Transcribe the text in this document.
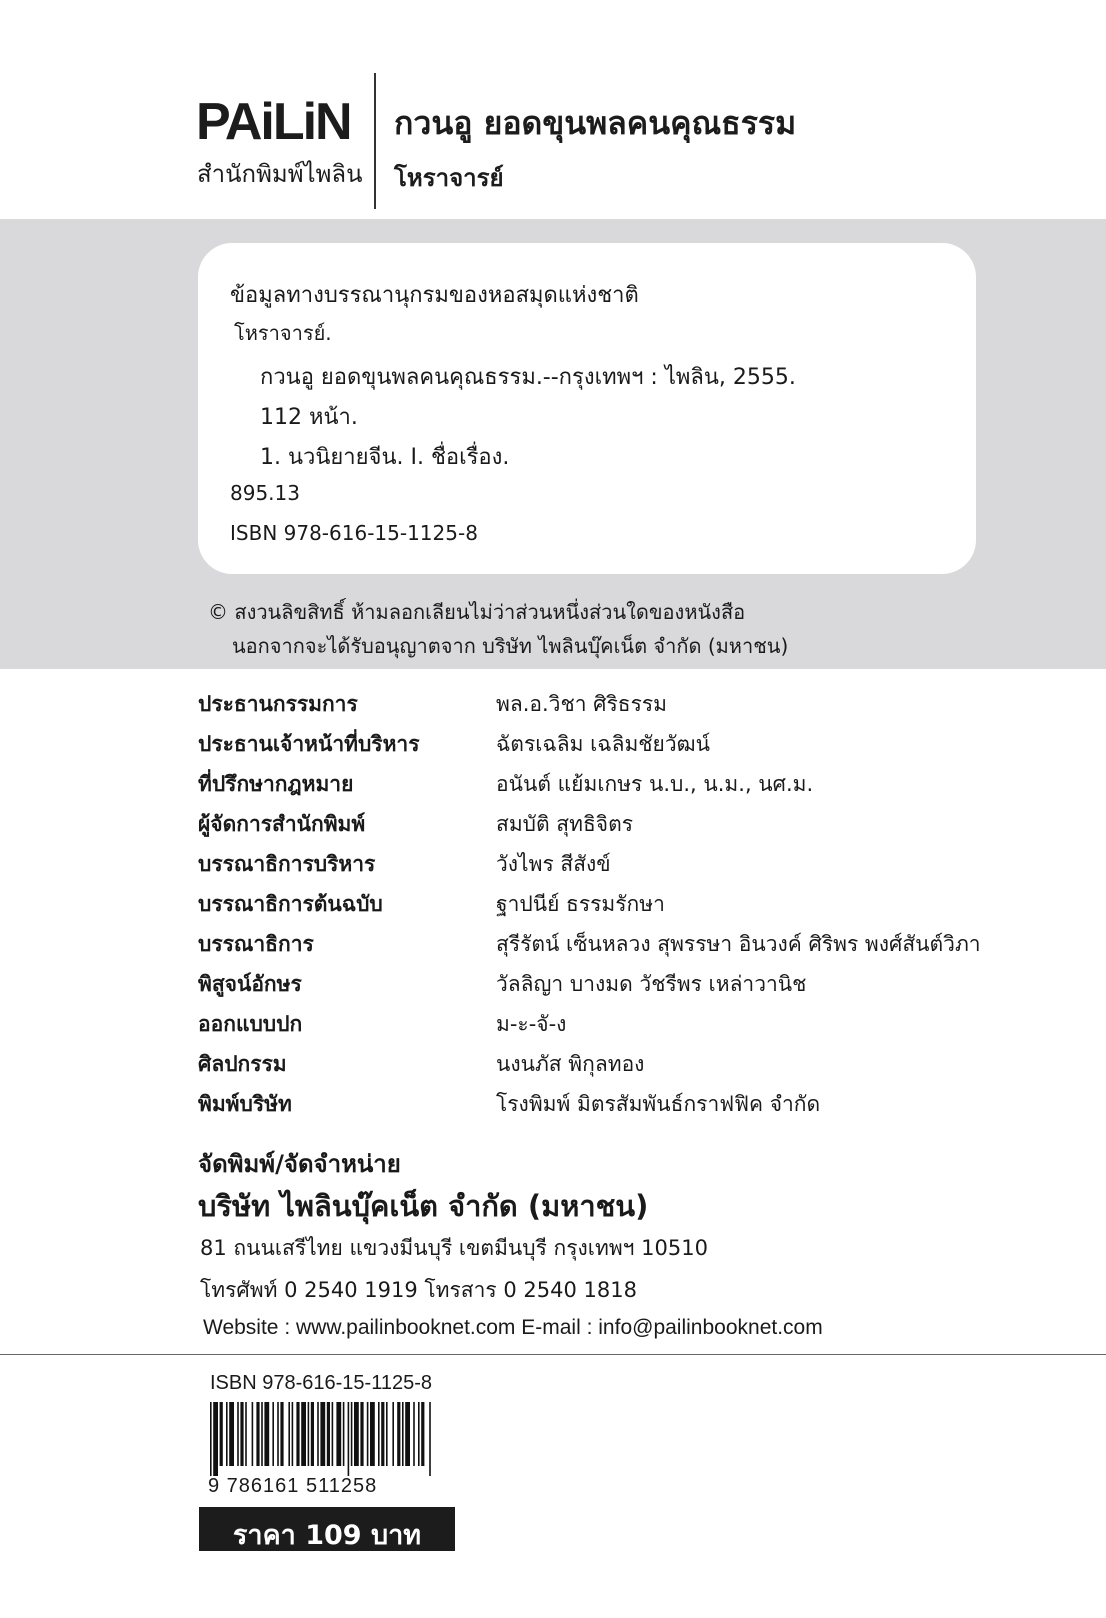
PAiLiN
สำนักพิมพ์ไพลิน
กวนอู ยอดขุนพลคนคุณธรรม
โหราจารย์
ข้อมูลทางบรรณานุกรมของหอสมุดแห่งชาติ
โหราจารย์.
กวนอู ยอดขุนพลคนคุณธรรม.--กรุงเทพฯ : ไพลิน, 2555.
112 หน้า.
1. นวนิยายจีน. I. ชื่อเรื่อง.
895.13
ISBN 978-616-15-1125-8
© สงวนลิขสิทธิ์ ห้ามลอกเลียนไม่ว่าส่วนหนึ่งส่วนใดของหนังสือ
นอกจากจะได้รับอนุญาตจาก บริษัท ไพลินบุ๊คเน็ต จำกัด (มหาชน)
ประธานกรรมการ	พล.อ.วิชา ศิริธรรม
ประธานเจ้าหน้าที่บริหาร	ฉัตรเฉลิม เฉลิมชัยวัฒน์
ที่ปรึกษากฎหมาย	อนันต์ แย้มเกษร น.บ., น.ม., นศ.ม.
ผู้จัดการสำนักพิมพ์	สมบัติ สุทธิจิตร
บรรณาธิการบริหาร	วังไพร สีสังข์
บรรณาธิการต้นฉบับ	ฐาปนีย์ ธรรมรักษา
บรรณาธิการ	สุรีรัตน์ เซ็นหลวง สุพรรษา อินวงค์ ศิริพร พงศ์สันต์วิภา
พิสูจน์อักษร	วัลลิญา บางมด วัชรีพร เหล่าวานิช
ออกแบบปก	ม-ะ-จั-ง
ศิลปกรรม	นงนภัส พิกุลทอง
พิมพ์บริษัท	โรงพิมพ์ มิตรสัมพันธ์กราฟฟิค จำกัด
จัดพิมพ์/จัดจำหน่าย
บริษัท ไพลินบุ๊คเน็ต จำกัด (มหาชน)
81 ถนนเสรีไทย แขวงมีนบุรี เขตมีนบุรี กรุงเทพฯ 10510
โทรศัพท์ 0 2540 1919 โทรสาร 0 2540 1818
Website : www.pailinbooknet.com E-mail : info@pailinbooknet.com
ISBN 978-616-15-1125-8
9 786161 511258
ราคา 109 บาท
